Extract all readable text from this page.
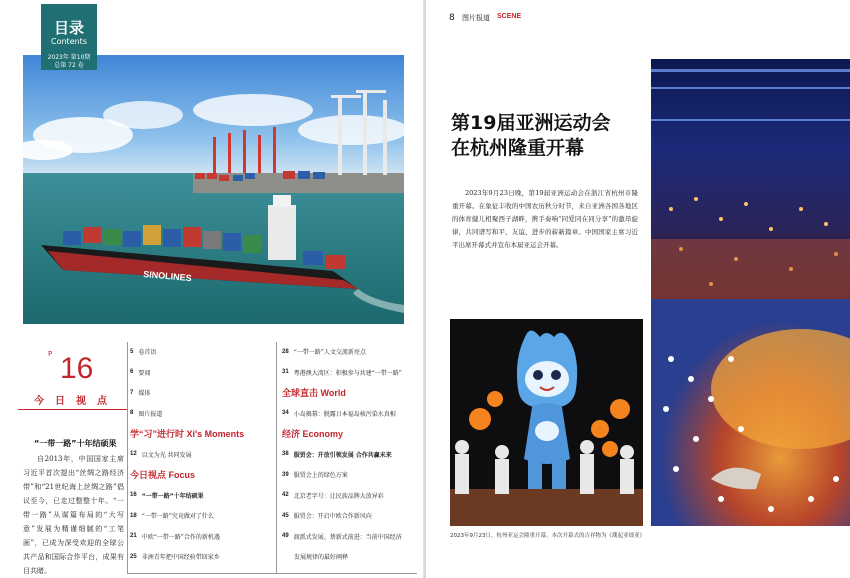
SINOLINES
目录
Contents
2023年 第10期
总第 72 卷
P 16
今日视点
“一带一路”十年结硕果
自2013年，中国国家主席习近平首次提出“丝绸之路经济带”和“21世纪海上丝绸之路”倡议至今，已走过整整十年。“一带一路”从谋篇布局的“大写意”发展为精谨细腻的“工笔画”，已成为深受欢迎的全球公共产品和国际合作平台，成果有目共睹。
5 卷首语
6 要闻
7 媒体
8 图片报道
学“习”进行时 Xi's Moments
12 以文为光 共同发展
今日视点 Focus
16 “一带一路”十年结硕果
18 “一带一路”究竟做对了什么
21 中欧“一带一路”合作的新机遇
25 非洲青年把中国经验带回家乡
28 “一带一路”人文交流新亮点
31 粤港澳大湾区：积极参与共建“一带一路”
全球直击 World
34 小岛揭幕：脱露日本福岛核污染水真相
经济 Economy
38 服贸会：开放引领发展 合作共赢未来
39 服贸会上的绿色方案
42 北京老字号：让民族品牌大放异彩
45 服贸会：开启中欧合作新风向
49 渡派式发展、蔡新式前进：当前中国经济
发展规律的最好阐释
8 图片报道 SCENE
第19届亚洲运动会
在杭州隆重开幕
2023年9月23日晚，第19届亚洲运动会在浙江省杭州市隆重开幕。在象征丰收的中国农历秋分时节，来自亚洲各国各地区的体育健儿相聚西子湖畔，携手奏响“同爱同在同分享”的激昂旋律，共同谱写和平、友谊、进步的崭新篇章。中国国家主席习近平出席开幕式并宣布本届亚运会开幕。
2023年9月23日，杭州亚运会隆重开幕。本次开幕式的吉祥物为《潮起亚细亚》
